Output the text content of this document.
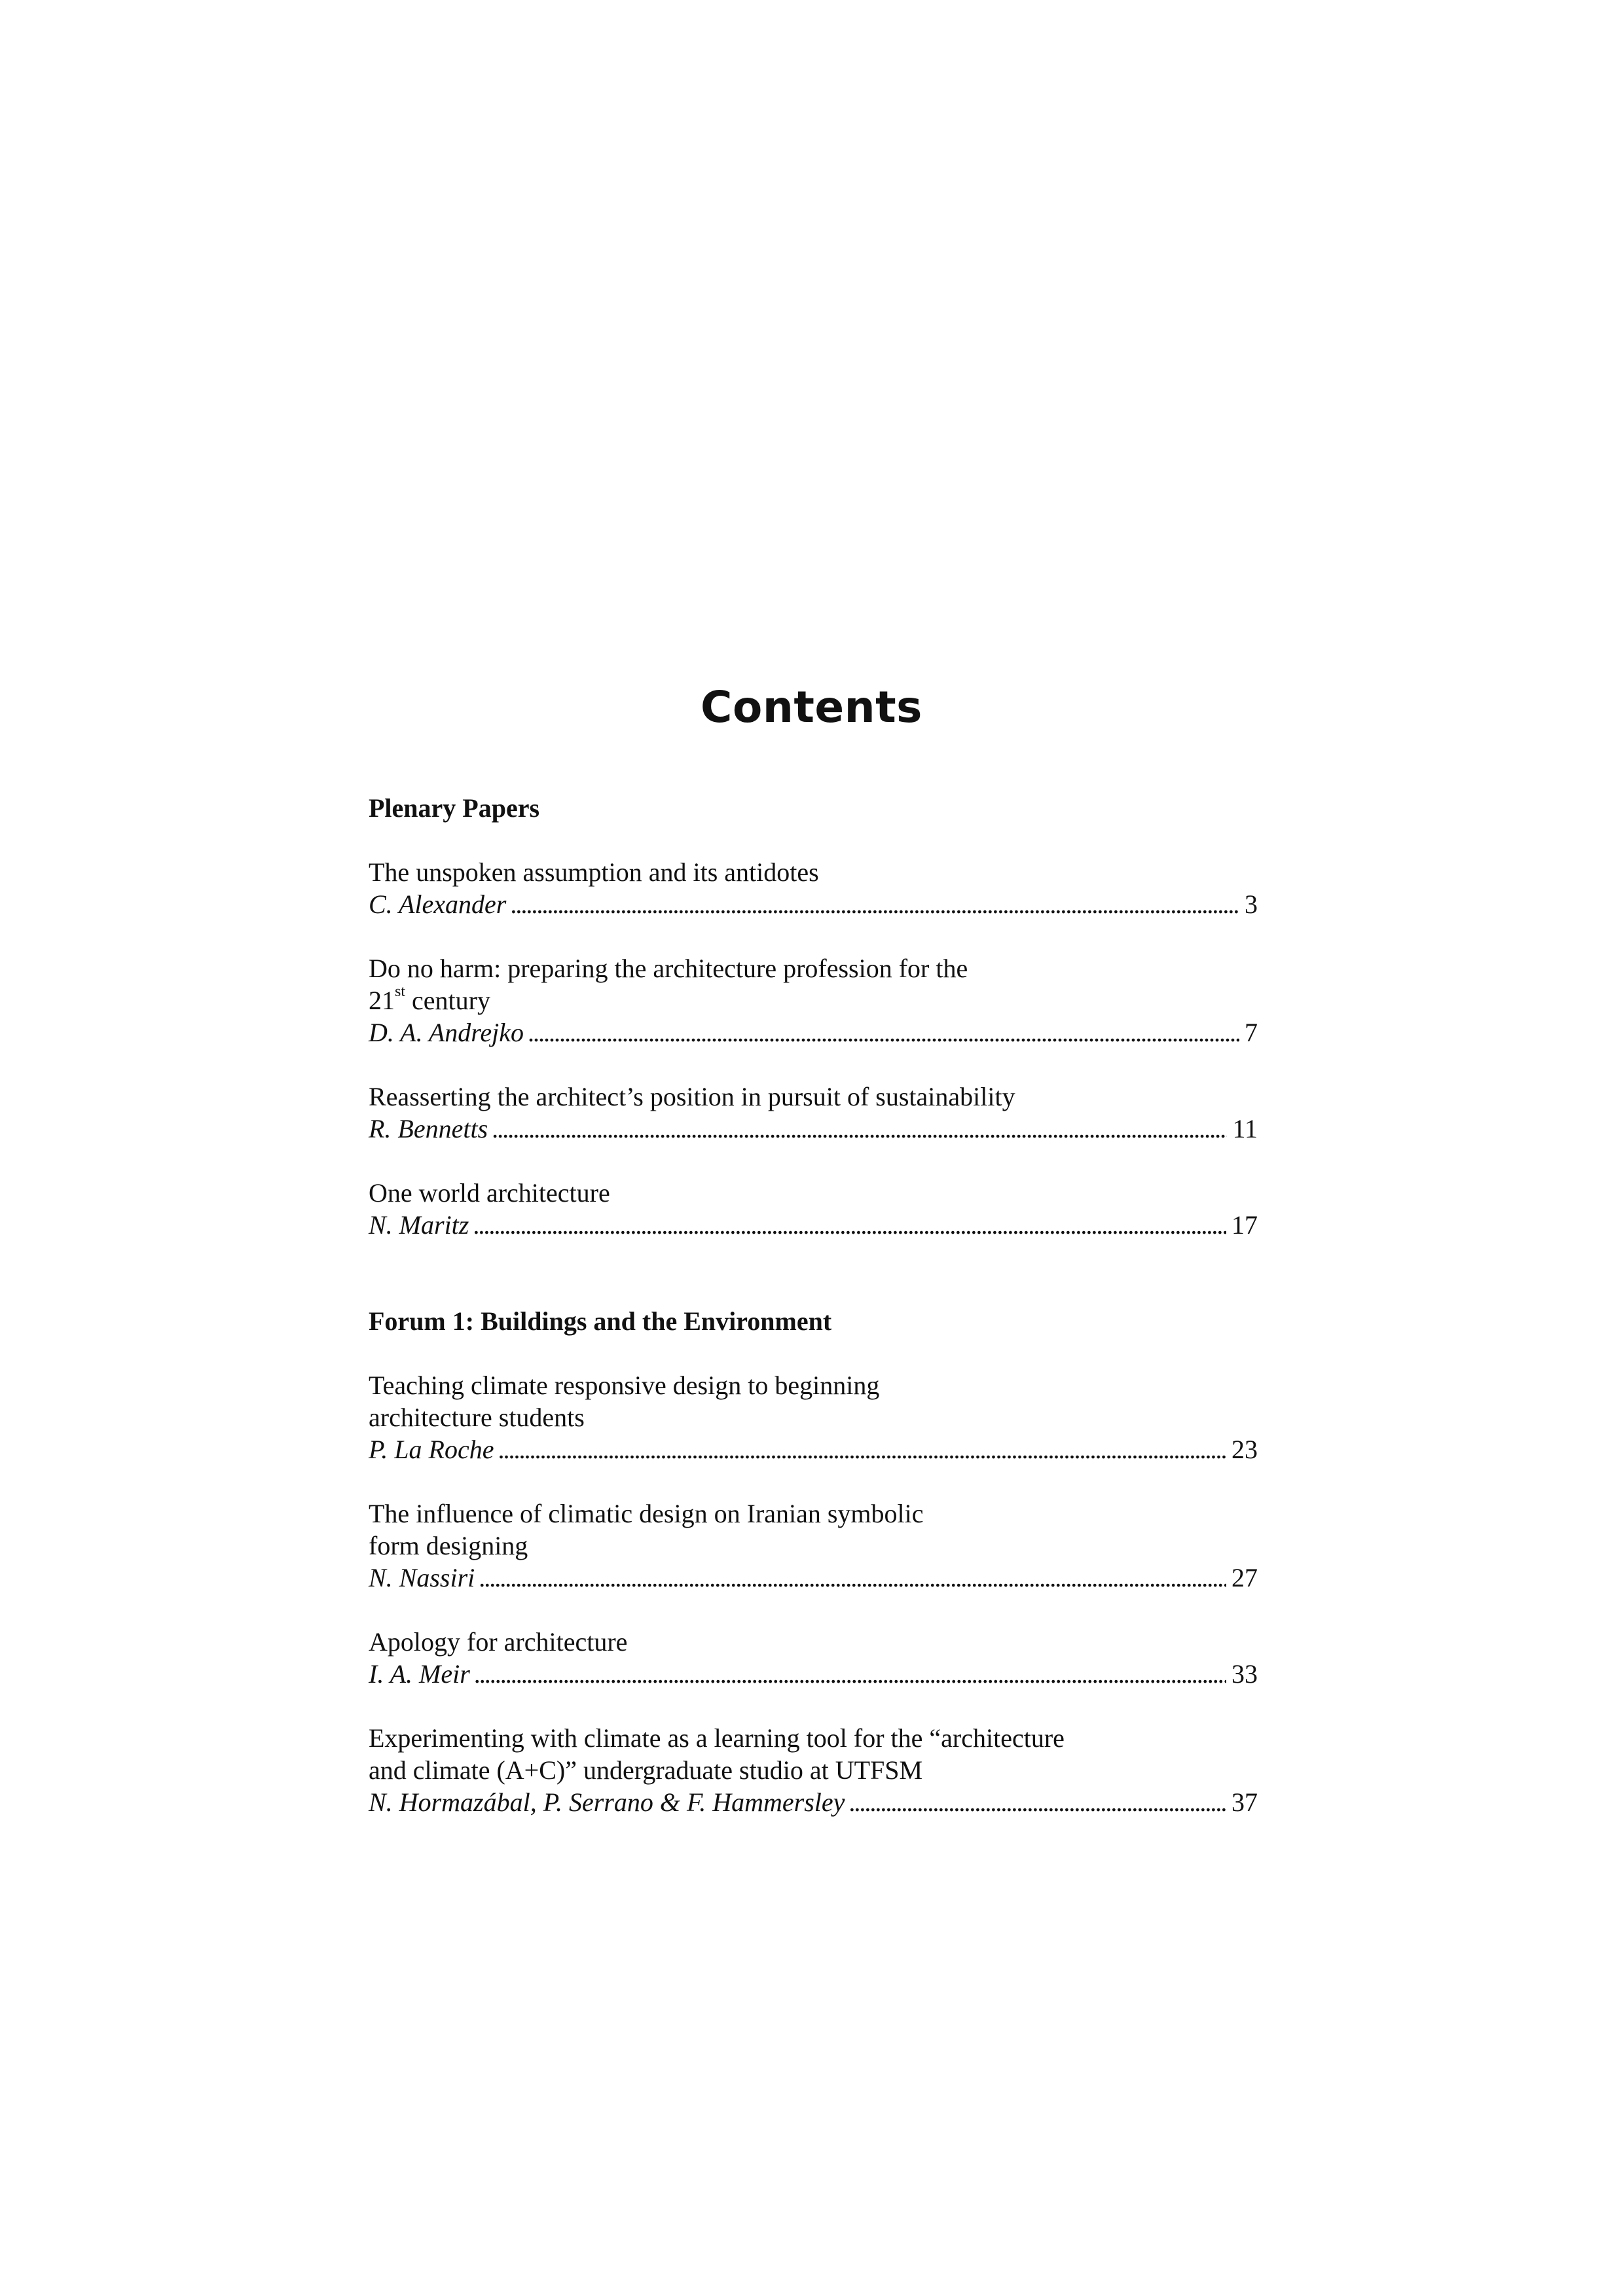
Contents
Plenary Papers
The unspoken assumption and its antidotes
C. Alexander . . .	3
Do no harm: preparing the architecture profession for the
21st century
D. A. Andrejko . . .	7
Reasserting the architect’s position in pursuit of sustainability
R. Bennetts . . .	11
One world architecture
N. Maritz . . .	17
Forum 1: Buildings and the Environment
Teaching climate responsive design to beginning
architecture students
P. La Roche . . .	23
The influence of climatic design on Iranian symbolic
form designing
N. Nassiri . . .	27
Apology for architecture
I. A. Meir . . .	33
Experimenting with climate as a learning tool for the “architecture
and climate (A+C)” undergraduate studio at UTFSM
N. Hormazábal, P. Serrano & F. Hammersley . . .	37
